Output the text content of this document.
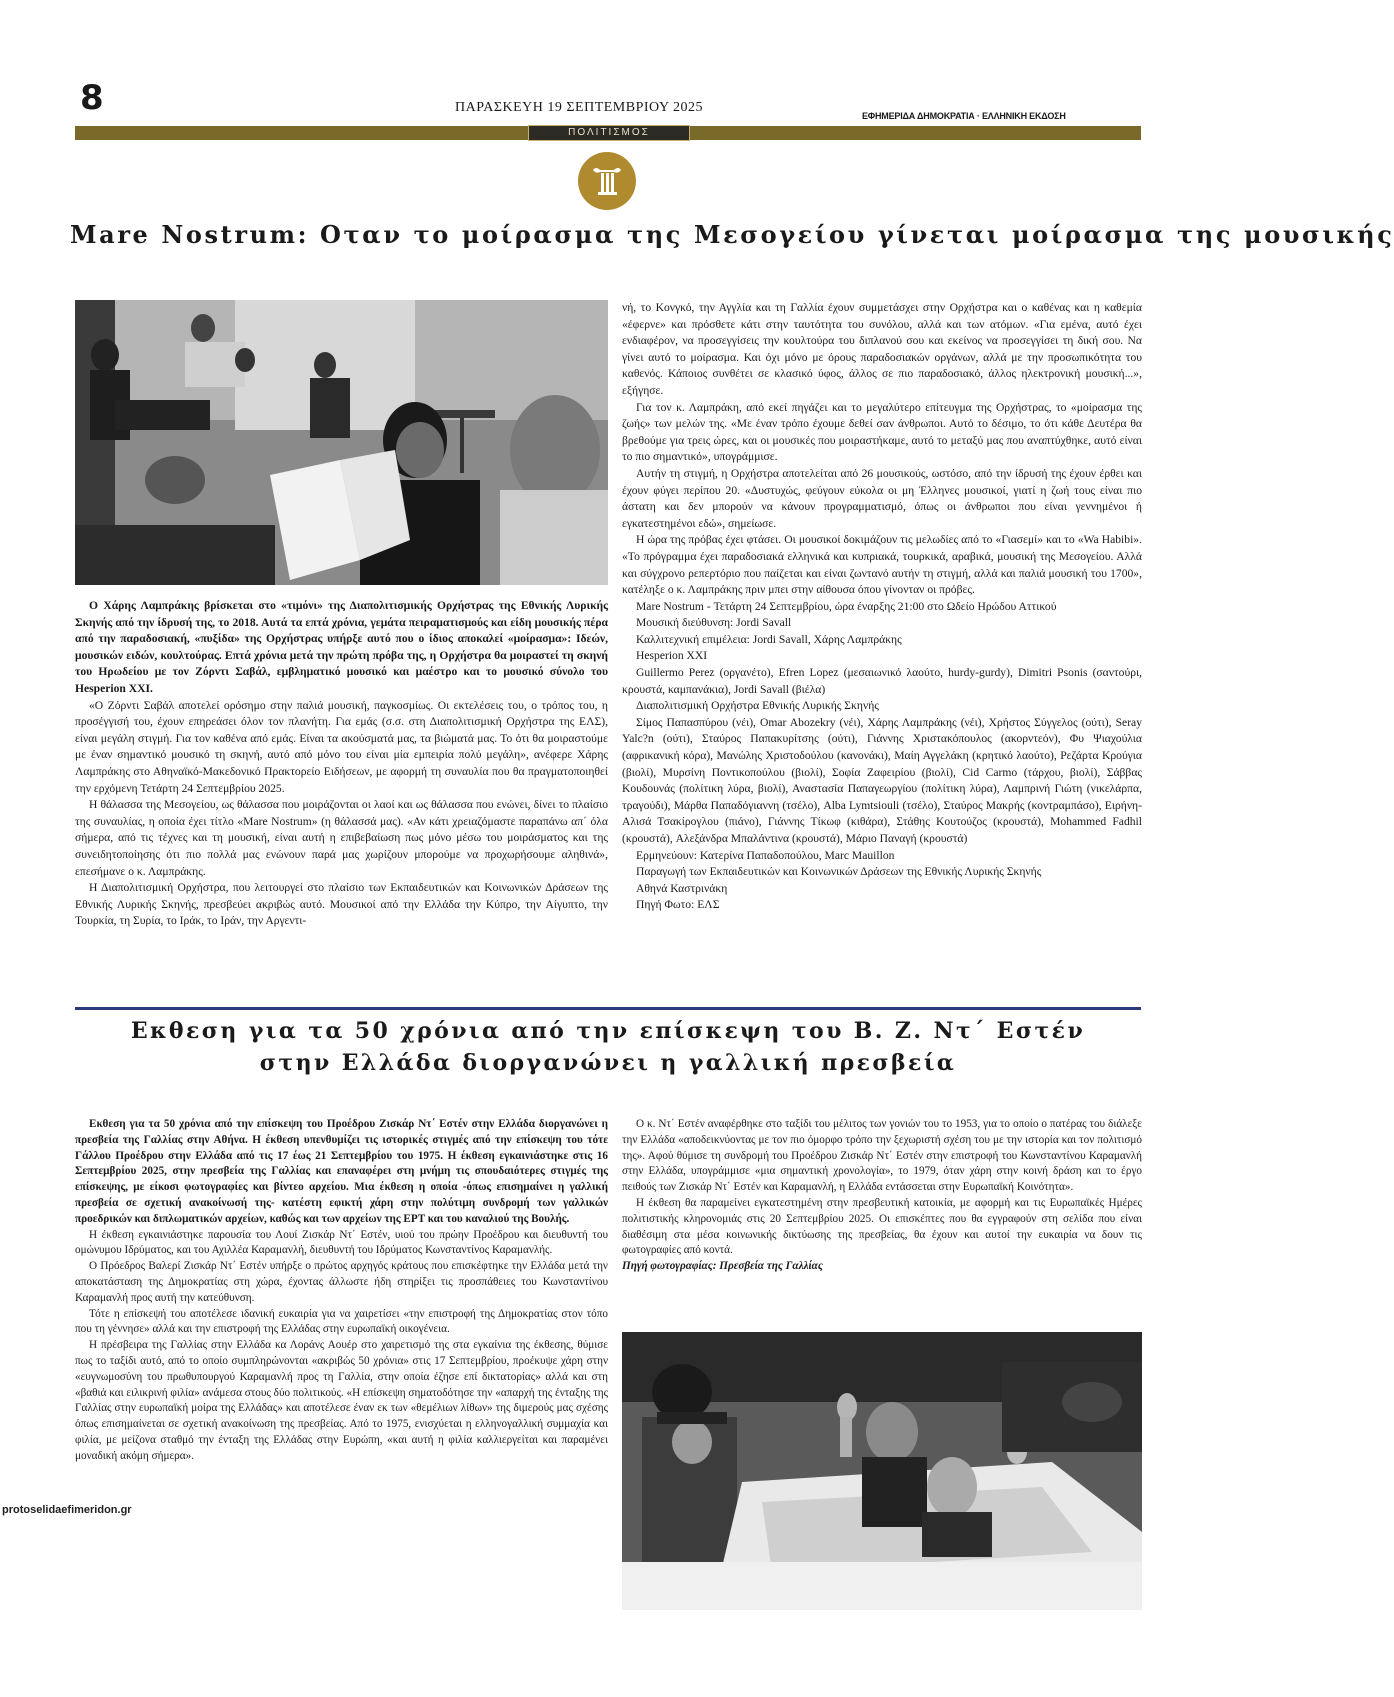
8	ΠΑΡΑΣΚΕΥΗ 19 ΣΕΠΤΕΜΒΡΙΟΥ 2025
ΕΦΗΜΕΡΙΔΑ ΔΗΜΟΚΡΑΤΙΑ · ΕΛΛΗΝΙΚΗ ΕΚΔΟΣΗ
ΠΟΛΙΤΙΣΜΟΣ
Mare Nostrum: Οταν το μοίρασμα της Μεσογείου γίνεται μοίρασμα της μουσικής

Ο Χάρης Λαμπράκης βρίσκεται στο «τιμόνι» της Διαπολιτισμικής Ορχήστρας της Εθνικής Λυρικής Σκηνής από την ίδρυσή της, το 2018. Αυτά τα επτά χρόνια, γεμάτα πειραματισμούς και είδη μουσικής πέρα από την παραδοσιακή, «πυξίδα» της Ορχήστρας υπήρξε αυτό που ο ίδιος αποκαλεί «μοίρασμα»: Ιδεών, μουσικών ειδών, κουλτούρας. Επτά χρόνια μετά την πρώτη πρόβα της, η Ορχήστρα θα μοιραστεί τη σκηνή του Ηρωδείου με τον Ζόρντι Σαβάλ, εμβληματικό μουσικό και μαέστρο και το μουσικό σύνολο του Hesperion XXI.

«Ο Ζόρντι Σαβάλ αποτελεί ορόσημο στην παλιά μουσική, παγκοσμίως. Οι εκτελέσεις του, ο τρόπος του, η προσέγγισή του, έχουν επηρεάσει όλον τον πλανήτη. Για εμάς (σ.σ. στη Διαπολιτισμική Ορχήστρα της ΕΛΣ), είναι μεγάλη στιγμή. Για τον καθένα από εμάς. Είναι τα ακούσματά μας, τα βιώματά μας. Το ότι θα μοιραστούμε με έναν σημαντικό μουσικό τη σκηνή, αυτό από μόνο του είναι μία εμπειρία πολύ μεγάλη», ανέφερε Χάρης Λαμπράκης στο Αθηναϊκό-Μακεδονικό Πρακτορείο Ειδήσεων, με αφορμή τη συναυλία που θα πραγματοποιηθεί την ερχόμενη Τετάρτη 24 Σεπτεμβρίου 2025.

Η θάλασσα της Μεσογείου, ως θάλασσα που μοιράζονται οι λαοί και ως θάλασσα που ενώνει, δίνει το πλαίσιο της συναυλίας, η οποία έχει τίτλο «Mare Nostrum» (η θάλασσά μας). «Αν κάτι χρειαζόμαστε παραπάνω απ΄ όλα σήμερα, από τις τέχνες και τη μουσική, είναι αυτή η επιβεβαίωση πως μόνο μέσω του μοιράσματος και της συνειδητοποίησης ότι πιο πολλά μας ενώνουν παρά μας χωρίζουν μπορούμε να προχωρήσουμε αληθινά», επεσήμανε ο κ. Λαμπράκης.

Η Διαπολιτισμική Ορχήστρα, που λειτουργεί στο πλαίσιο των Εκπαιδευτικών και Κοινωνικών Δράσεων της Εθνικής Λυρικής Σκηνής, πρεσβεύει ακριβώς αυτό. Μουσικοί από την Ελλάδα την Κύπρο, την Αίγυπτο, την Τουρκία, τη Συρία, το Ιράκ, το Ιράν, την Αργεντι-

νή, το Κονγκό, την Αγγλία και τη Γαλλία έχουν συμμετάσχει στην Ορχήστρα και ο καθένας και η καθεμία «έφερνε» και πρόσθετε κάτι στην ταυτότητα του συνόλου, αλλά και των ατόμων. «Για εμένα, αυτό έχει ενδιαφέρον, να προσεγγίσεις την κουλτούρα του διπλανού σου και εκείνος να προσεγγίσει τη δική σου. Να γίνει αυτό το μοίρασμα. Και όχι μόνο με όρους παραδοσιακών οργάνων, αλλά με την προσωπικότητα του καθενός. Κάποιος συνθέτει σε κλασικό ύφος, άλλος σε πιο παραδοσιακό, άλλος ηλεκτρονική μουσική...», εξήγησε.

Για τον κ. Λαμπράκη, από εκεί πηγάζει και το μεγαλύτερο επίτευγμα της Ορχήστρας, το «μοίρασμα της ζωής» των μελών της. «Με έναν τρόπο έχουμε δεθεί σαν άνθρωποι. Αυτό το δέσιμο, το ότι κάθε Δευτέρα θα βρεθούμε για τρεις ώρες, και οι μουσικές που μοιραστήκαμε, αυτό το μεταξύ μας που αναπτύχθηκε, αυτό είναι το πιο σημαντικό», υπογράμμισε.

Αυτήν τη στιγμή, η Ορχήστρα αποτελείται από 26 μουσικούς, ωστόσο, από την ίδρυσή της έχουν έρθει και έχουν φύγει περίπου 20. «Δυστυχώς, φεύγουν εύκολα οι μη Έλληνες μουσικοί, γιατί η ζωή τους είναι πιο άστατη και δεν μπορούν να κάνουν προγραμματισμό, όπως οι άνθρωποι που είναι γεννημένοι ή εγκατεστημένοι εδώ», σημείωσε.

Η ώρα της πρόβας έχει φτάσει. Οι μουσικοί δοκιμάζουν τις μελωδίες από το «Γιασεμί» και το «Wa Habibi». «Το πρόγραμμα έχει παραδοσιακά ελληνικά και κυπριακά, τουρκικά, αραβικά, μουσική της Μεσογείου. Αλλά και σύγχρονο ρεπερτόριο που παίζεται και είναι ζωντανό αυτήν τη στιγμή, αλλά και παλιά μουσική του 1700», κατέληξε ο κ. Λαμπράκης πριν μπει στην αίθουσα όπου γίνονταν οι πρόβες.

Mare Nostrum - Τετάρτη 24 Σεπτεμβρίου, ώρα έναρξης 21:00 στο Ωδείο Ηρώδου Αττικού

Μουσική διεύθυνση: Jordi Savall

Καλλιτεχνική επιμέλεια: Jordi Savall, Χάρης Λαμπράκης

Hesperion XXI

Guillermo Perez (οργανέτο), Efren Lopez (μεσαιωνικό λαούτο, hurdy-gurdy), Dimitri Psonis (σαντούρι, κρουστά, καμπανάκια), Jordi Savall (βιέλα)

Διαπολιτισμική Ορχήστρα Εθνικής Λυρικής Σκηνής

Σίμος Παπασπύρου (νέι), Omar Abozekry (νέι), Χάρης Λαμπράκης (νέι), Χρήστος Σύγγελος (ούτι), Seray Yalc?n (ούτι), Σταύρος Παπακυρίτσης (ούτι), Γιάννης Χριστακόπουλος (ακορντεόν), Φυ Ψιαχούλια (αφρικανική κόρα), Μανώλης Χριστοδούλου (κανονάκι), Μαίη Αγγελάκη (κρητικό λαούτο), Ρεζάρτα Κρούγια (βιολί), Μυρσίνη Ποντικοπούλου (βιολί), Σοφία Ζαφειρίου (βιολί), Cid Carmo (τάρχου, βιολί), Σάββας Κουδουνάς (πολίτικη λύρα, βιολί), Αναστασία Παπαγεωργίου (πολίτικη λύρα), Λαμπρινή Γιώτη (νικελάρπα, τραγούδι), Μάρθα Παπαδόγιαννη (τσέλο), Alba Lymtsiouli (τσέλο), Σταύρος Μακρής (κοντραμπάσο), Ειρήνη-Αλισά Τσακίρογλου (πιάνο), Γιάννης Τίκωφ (κιθάρα), Στάθης Κουτούζος (κρουστά), Mohammed Fadhil (κρουστά), Αλεξάνδρα Μπαλάντινα (κρουστά), Μάριο Παναγή (κρουστά)

Ερμηνεύουν: Κατερίνα Παπαδοπούλου, Marc Mauillon

Παραγωγή των Εκπαιδευτικών και Κοινωνικών Δράσεων της Εθνικής Λυρικής Σκηνής

Αθηνά Καστρινάκη

Πηγή Φωτο: ΕΛΣ

Εκθεση για τα 50 χρόνια από την επίσκεψη του Β. Ζ. Ντ΄ Εστέν
στην Ελλάδα διοργανώνει η γαλλική πρεσβεία

Εκθεση για τα 50 χρόνια από την επίσκεψη του Προέδρου Ζισκάρ Ντ΄ Εστέν στην Ελλάδα διοργανώνει η πρεσβεία της Γαλλίας στην Αθήνα. Η έκθεση υπενθυμίζει τις ιστορικές στιγμές από την επίσκεψη του τότε Γάλλου Προέδρου στην Ελλάδα από τις 17 έως 21 Σεπτεμβρίου του 1975. Η έκθεση εγκαινιάστηκε στις 16 Σεπτεμβρίου 2025, στην πρεσβεία της Γαλλίας και επαναφέρει στη μνήμη τις σπουδαιότερες στιγμές της επίσκεψης, με είκοσι φωτογραφίες και βίντεο αρχείου. Μια έκθεση η οποία -όπως επισημαίνει η γαλλική πρεσβεία σε σχετική ανακοίνωσή της- κατέστη εφικτή χάρη στην πολύτιμη συνδρομή των γαλλικών προεδρικών και διπλωματικών αρχείων, καθώς και των αρχείων της ΕΡΤ και του καναλιού της Βουλής.

Η έκθεση εγκαινιάστηκε παρουσία του Λουί Ζισκάρ Ντ΄ Εστέν, υιού του πρώην Προέδρου και διευθυντή του ομώνυμου Ιδρύματος, και του Αχιλλέα Καραμανλή, διευθυντή του Ιδρύματος Κωνσταντίνος Καραμανλής.

Ο Πρόεδρος Βαλερί Ζισκάρ Ντ΄ Εστέν υπήρξε ο πρώτος αρχηγός κράτους που επισκέφτηκε την Ελλάδα μετά την αποκατάσταση της Δημοκρατίας στη χώρα, έχοντας άλλωστε ήδη στηρίξει τις προσπάθειες του Κωνσταντίνου Καραμανλή προς αυτή την κατεύθυνση.

Τότε η επίσκεψή του αποτέλεσε ιδανική ευκαιρία για να χαιρετίσει «την επιστροφή της Δημοκρατίας στον τόπο που τη γέννησε» αλλά και την επιστροφή της Ελλάδας στην ευρωπαϊκή οικογένεια.

Η πρέσβειρα της Γαλλίας στην Ελλάδα κα Λοράνς Αουέρ στο χαιρετισμό της στα εγκαίνια της έκθεσης, θύμισε πως το ταξίδι αυτό, από το οποίο συμπληρώνονται «ακριβώς 50 χρόνια» στις 17 Σεπτεμβρίου, προέκυψε χάρη στην «ευγνωμοσύνη του πρωθυπουργού Καραμανλή προς τη Γαλλία, στην οποία έζησε επί δικτατορίας» αλλά και στη «βαθιά και ειλικρινή φιλία» ανάμεσα στους δύο πολιτικούς. «Η επίσκεψη σηματοδότησε την «απαρχή της ένταξης της Γαλλίας στην ευρωπαϊκή μοίρα της Ελλάδας» και αποτέλεσε έναν εκ των «θεμέλιων λίθων» της διμερούς μας σχέσης όπως επισημαίνεται σε σχετική ανακοίνωση της πρεσβείας. Από το 1975, ενισχύεται η ελληνογαλλική συμμαχία και φιλία, με μείζονα σταθμό την ένταξη της Ελλάδας στην Ευρώπη, «και αυτή η φιλία καλλιεργείται και παραμένει μοναδική ακόμη σήμερα».

Ο κ. Ντ΄ Εστέν αναφέρθηκε στο ταξίδι του μέλιτος των γονιών του το 1953, για το οποίο ο πατέρας του διάλεξε την Ελλάδα «αποδεικνύοντας με τον πιο όμορφο τρόπο την ξεχωριστή σχέση του με την ιστορία και τον πολιτισμό της». Αφού θύμισε τη συνδρομή του Προέδρου Ζισκάρ Ντ΄ Εστέν στην επιστροφή του Κωνσταντίνου Καραμανλή στην Ελλάδα, υπογράμμισε «μια σημαντική χρονολογία», το 1979, όταν χάρη στην κοινή δράση και το έργο πειθούς των Ζισκάρ Ντ΄ Εστέν και Καραμανλή, η Ελλάδα εντάσσεται στην Ευρωπαϊκή Κοινότητα».

Η έκθεση θα παραμείνει εγκατεστημένη στην πρεσβευτική κατοικία, με αφορμή και τις Ευρωπαϊκές Ημέρες πολιτιστικής κληρονομιάς στις 20 Σεπτεμβρίου 2025. Οι επισκέπτες που θα εγγραφούν στη σελίδα που είναι διαθέσιμη στα μέσα κοινωνικής δικτύωσης της πρεσβείας, θα έχουν και αυτοί την ευκαιρία να δουν τις φωτογραφίες από κοντά.

Πηγή φωτογραφίας: Πρεσβεία της Γαλλίας

protoselidaefimeridon.gr
